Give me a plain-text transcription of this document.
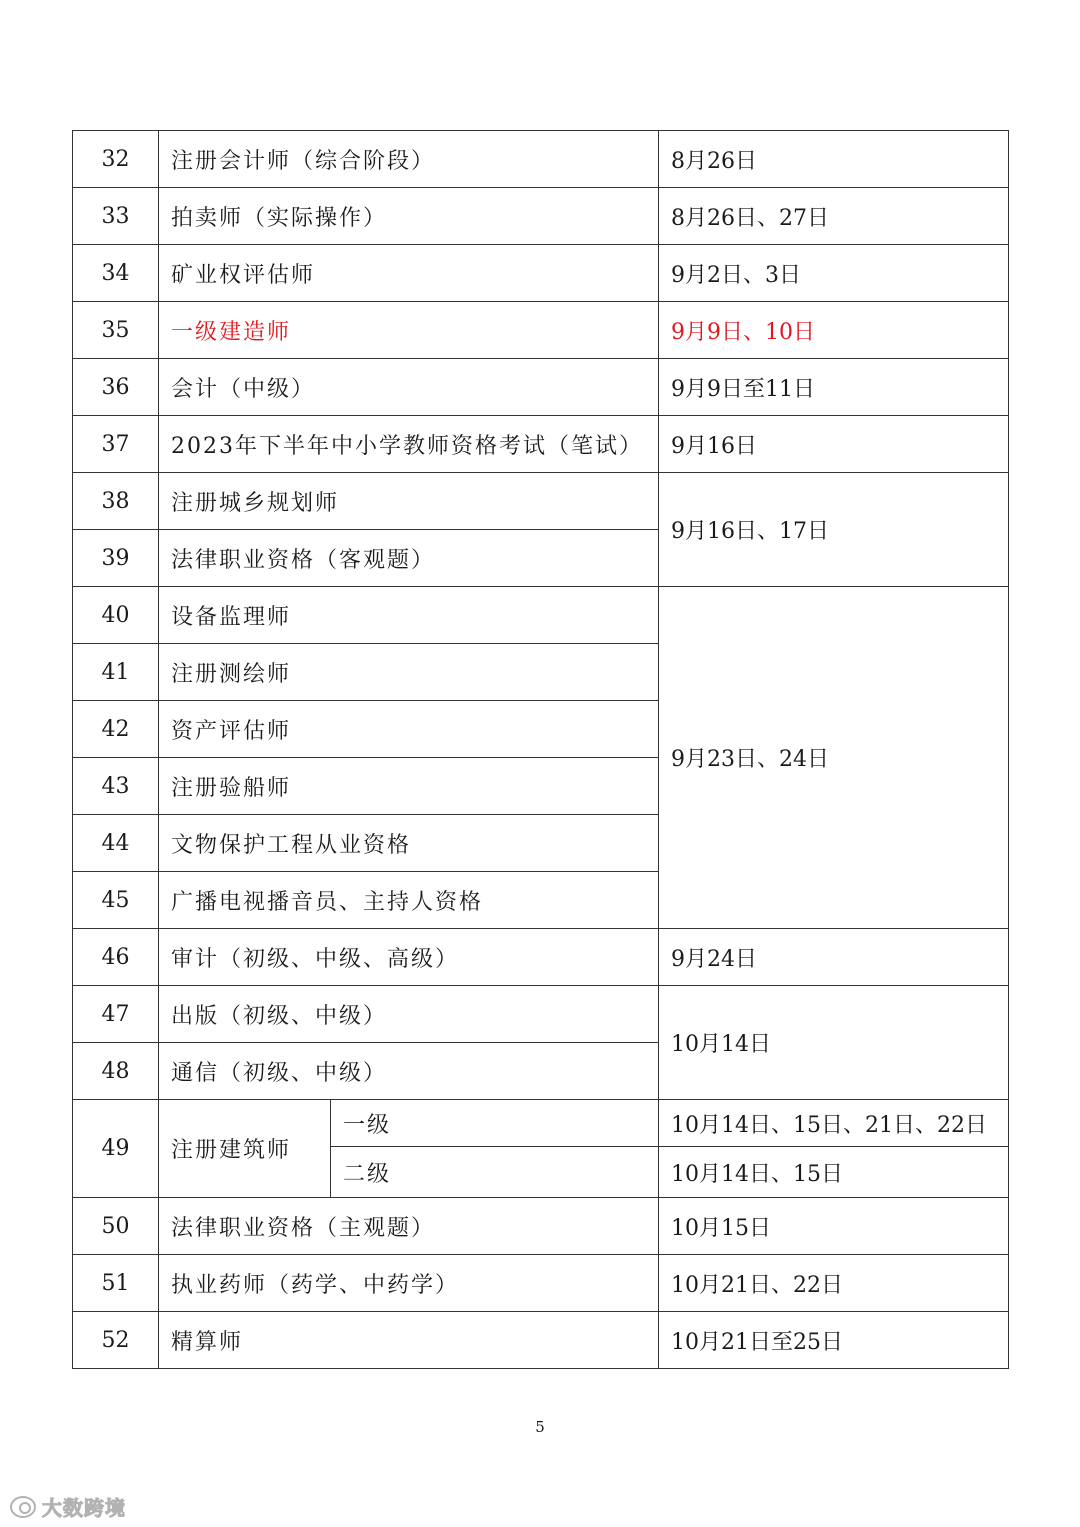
32	注册会计师（综合阶段）		8月26日
33	拍卖师（实际操作）		8月26日、27日
34	矿业权评估师		9月2日、3日
35	一级建造师		9月9日、10日
36	会计（中级）		9月9日至11日
37	2023年下半年中小学教师资格考试（笔试）		9月16日
38	注册城乡规划师		9月16日、17日
39	法律职业资格（客观题）		
40	设备监理师		9月23日、24日
41	注册测绘师		
42	资产评估师		
43	注册验船师		
44	文物保护工程从业资格		
45	广播电视播音员、主持人资格		
46	审计（初级、中级、高级）		9月24日
47	出版（初级、中级）		10月14日
48	通信（初级、中级）		
49	注册建筑师	一级	10月14日、15日、21日、22日
		二级	10月14日、15日
50	法律职业资格（主观题）		10月15日
51	执业药师（药学、中药学）		10月21日、22日
52	精算师		10月21日至25日
5
大数跨境
